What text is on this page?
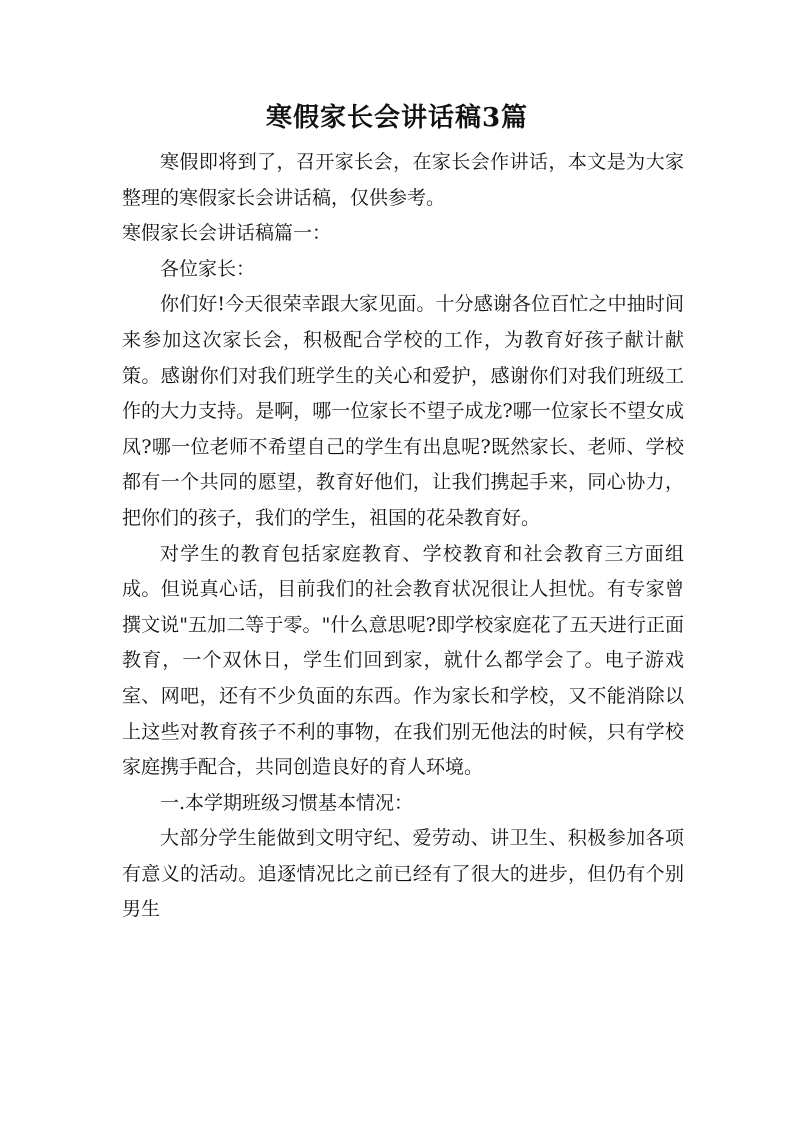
寒假家长会讲话稿3篇

寒假即将到了，召开家长会，在家长会作讲话，本文是为大家整理的寒假家长会讲话稿，仅供参考。

寒假家长会讲话稿篇一：

各位家长：

你们好!今天很荣幸跟大家见面。十分感谢各位百忙之中抽时间来参加这次家长会，积极配合学校的工作，为教育好孩子献计献策。感谢你们对我们班学生的关心和爱护，感谢你们对我们班级工作的大力支持。是啊，哪一位家长不望子成龙?哪一位家长不望女成凤?哪一位老师不希望自己的学生有出息呢?既然家长、老师、学校都有一个共同的愿望，教育好他们，让我们携起手来，同心协力，把你们的孩子，我们的学生，祖国的花朵教育好。

对学生的教育包括家庭教育、学校教育和社会教育三方面组成。但说真心话，目前我们的社会教育状况很让人担忧。有专家曾撰文说"五加二等于零。"什么意思呢?即学校家庭花了五天进行正面教育，一个双休日，学生们回到家，就什么都学会了。电子游戏室、网吧，还有不少负面的东西。作为家长和学校，又不能消除以上这些对教育孩子不利的事物，在我们别无他法的时候，只有学校家庭携手配合，共同创造良好的育人环境。

一.本学期班级习惯基本情况：

大部分学生能做到文明守纪、爱劳动、讲卫生、积极参加各项有意义的活动。追逐情况比之前已经有了很大的进步，但仍有个别男生
